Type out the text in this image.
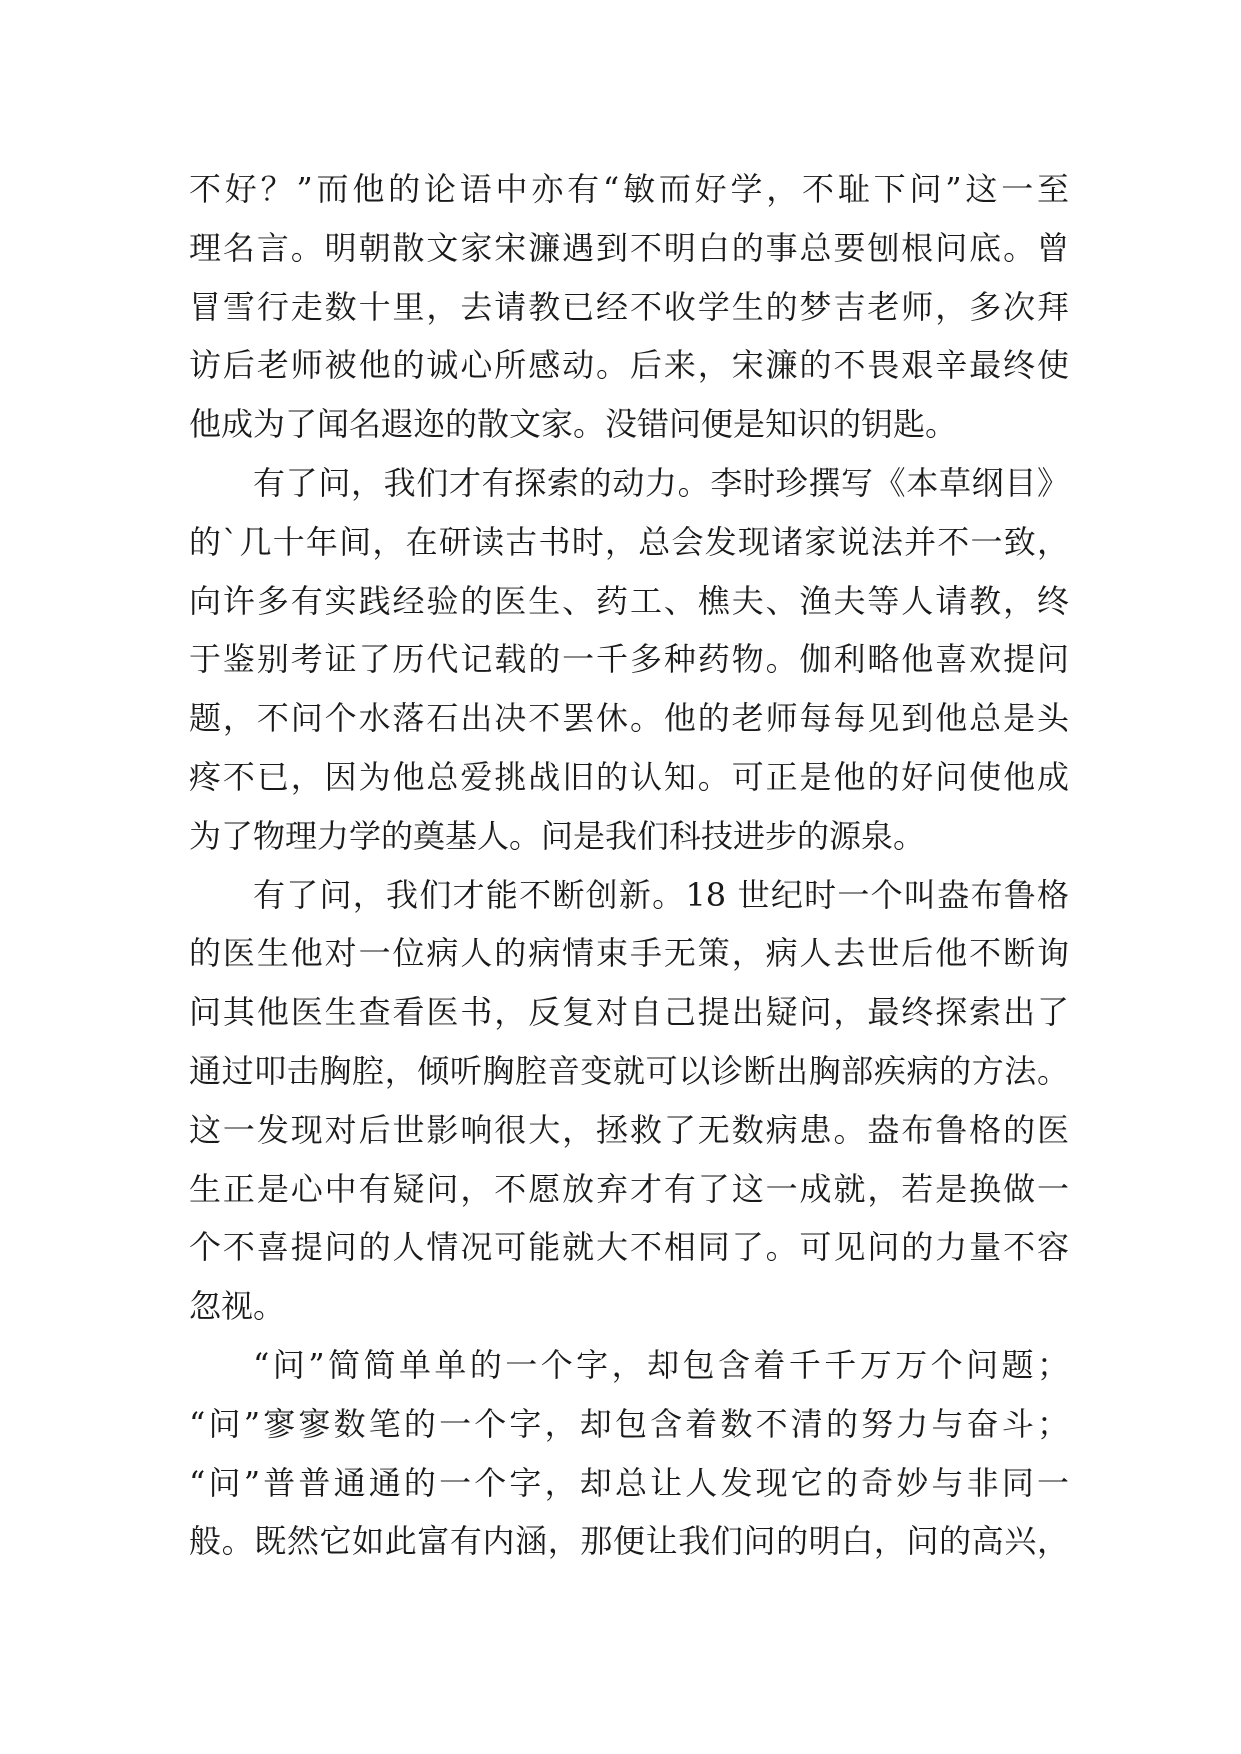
不好？”而他的论语中亦有“敏而好学，不耻下问”这一至
理名言。明朝散文家宋濂遇到不明白的事总要刨根问底。曾
冒雪行走数十里，去请教已经不收学生的梦吉老师，多次拜
访后老师被他的诚心所感动。后来，宋濂的不畏艰辛最终使
他成为了闻名遐迩的散文家。没错问便是知识的钥匙。
有了问，我们才有探索的动力。李时珍撰写《本草纲目》
的`几十年间，在研读古书时，总会发现诸家说法并不一致，
向许多有实践经验的医生、药工、樵夫、渔夫等人请教，终
于鉴别考证了历代记载的一千多种药物。伽利略他喜欢提问
题，不问个水落石出决不罢休。他的老师每每见到他总是头
疼不已，因为他总爱挑战旧的认知。可正是他的好问使他成
为了物理力学的奠基人。问是我们科技进步的源泉。
有了问，我们才能不断创新。18 世纪时一个叫盎布鲁格
的医生他对一位病人的病情束手无策，病人去世后他不断询
问其他医生查看医书，反复对自己提出疑问，最终探索出了
通过叩击胸腔，倾听胸腔音变就可以诊断出胸部疾病的方法。
这一发现对后世影响很大，拯救了无数病患。盎布鲁格的医
生正是心中有疑问，不愿放弃才有了这一成就，若是换做一
个不喜提问的人情况可能就大不相同了。可见问的力量不容
忽视。
“问”简简单单的一个字，却包含着千千万万个问题；
“问”寥寥数笔的一个字，却包含着数不清的努力与奋斗；
“问”普普通通的一个字，却总让人发现它的奇妙与非同一
般。既然它如此富有内涵，那便让我们问的明白，问的高兴，
